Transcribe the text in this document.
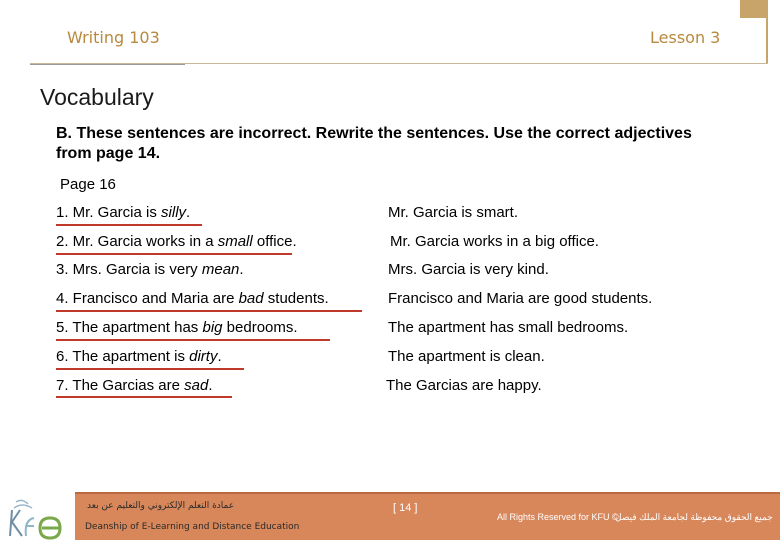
Writing 103	Lesson 3
Vocabulary
B. These sentences are incorrect. Rewrite the sentences. Use the correct adjectives from page 14.
Page 16
1. Mr. Garcia is silly.	Mr. Garcia is smart.
2. Mr. Garcia works in a small office.	Mr. Garcia works in a big office.
3. Mrs. Garcia is very mean.	Mrs. Garcia is very kind.
4. Francisco and Maria are bad students.	Francisco and Maria are good students.
5. The apartment has big bedrooms.	The apartment has small bedrooms.
6. The apartment is dirty.	The apartment is clean.
7. The Garcias are sad.	The Garcias are happy.
عمادة التعلم الإلكتروني والتعليم عن بعد
Deanship of E-Learning and Distance Education
[ 14 ]
All Rights Reserved for KFU ©
جميع الحقوق محفوظة لجامعة الملك فيصل
